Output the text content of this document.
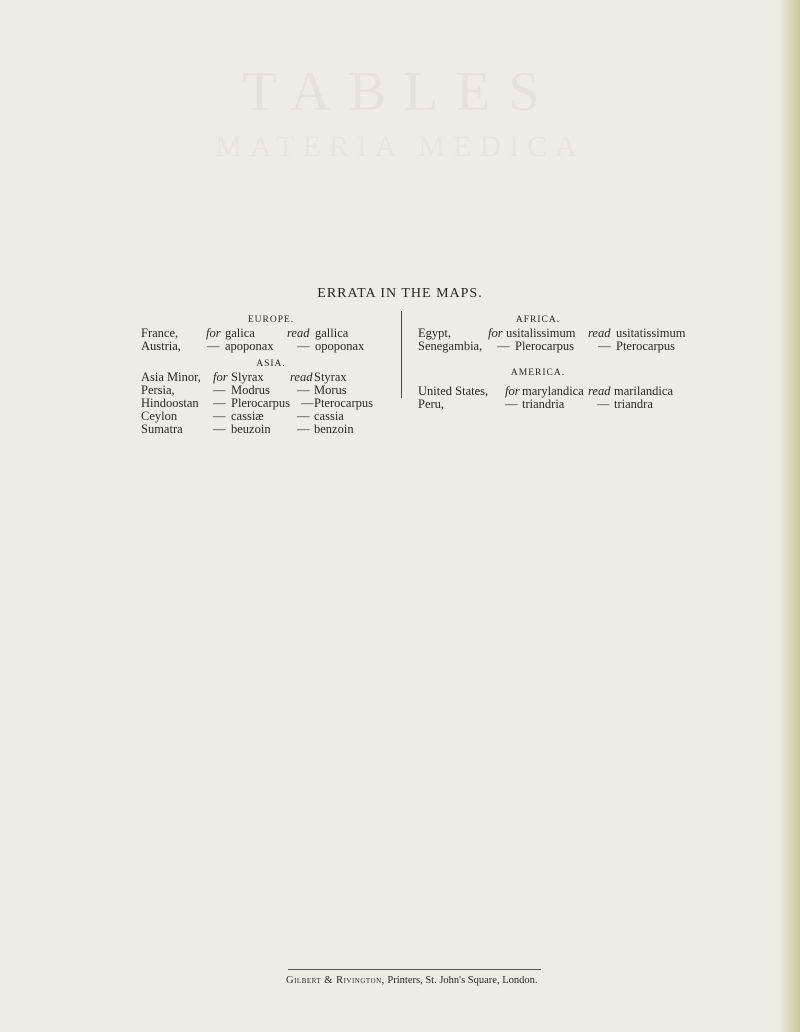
TABLES
MATERIA MEDICA
ERRATA IN THE MAPS.
EUROPE.
France, for galica	read gallica
Austria, — apoponax — opoponax
ASIA.
Asia Minor, for Slyrax read Styrax
Persia,	— Modrus — Morus
Hindoostan — Plerocarpus — Pterocarpus
Ceylon	— cassiæ	— cassia
Sumatra — beuzoin — benzoin
AFRICA.
Egypt,	for usitalissimum read usitatissimum
Senegambia, — Plerocarpus — Pterocarpus
AMERICA.
United States, for marylandica read marilandica
Peru,	— triandria	— triandra
Gilbert & Rivington, Printers, St. John's Square, London.
